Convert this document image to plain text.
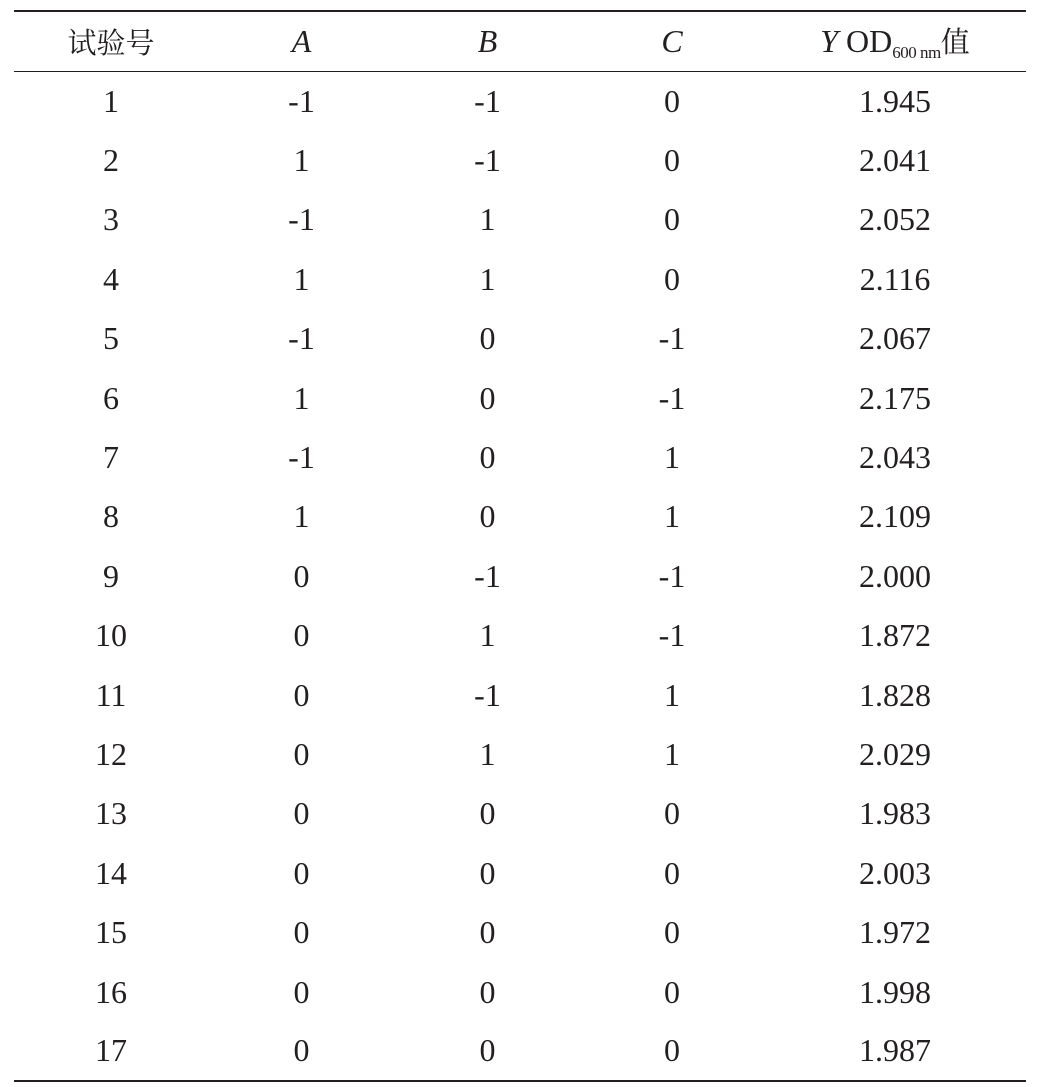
试验号	A	B	C	Y $OD_{600 nm}$值
1	-1	-1	0	1.945
2	1	-1	0	2.041
3	-1	1	0	2.052
4	1	1	0	2.116
5	-1	0	-1	2.067
6	1	0	-1	2.175
7	-1	0	1	2.043
8	1	0	1	2.109
9	0	-1	-1	2.000
10	0	1	-1	1.872
11	0	-1	1	1.828
12	0	1	1	2.029
13	0	0	0	1.983
14	0	0	0	2.003
15	0	0	0	1.972
16	0	0	0	1.998
17	0	0	0	1.987
